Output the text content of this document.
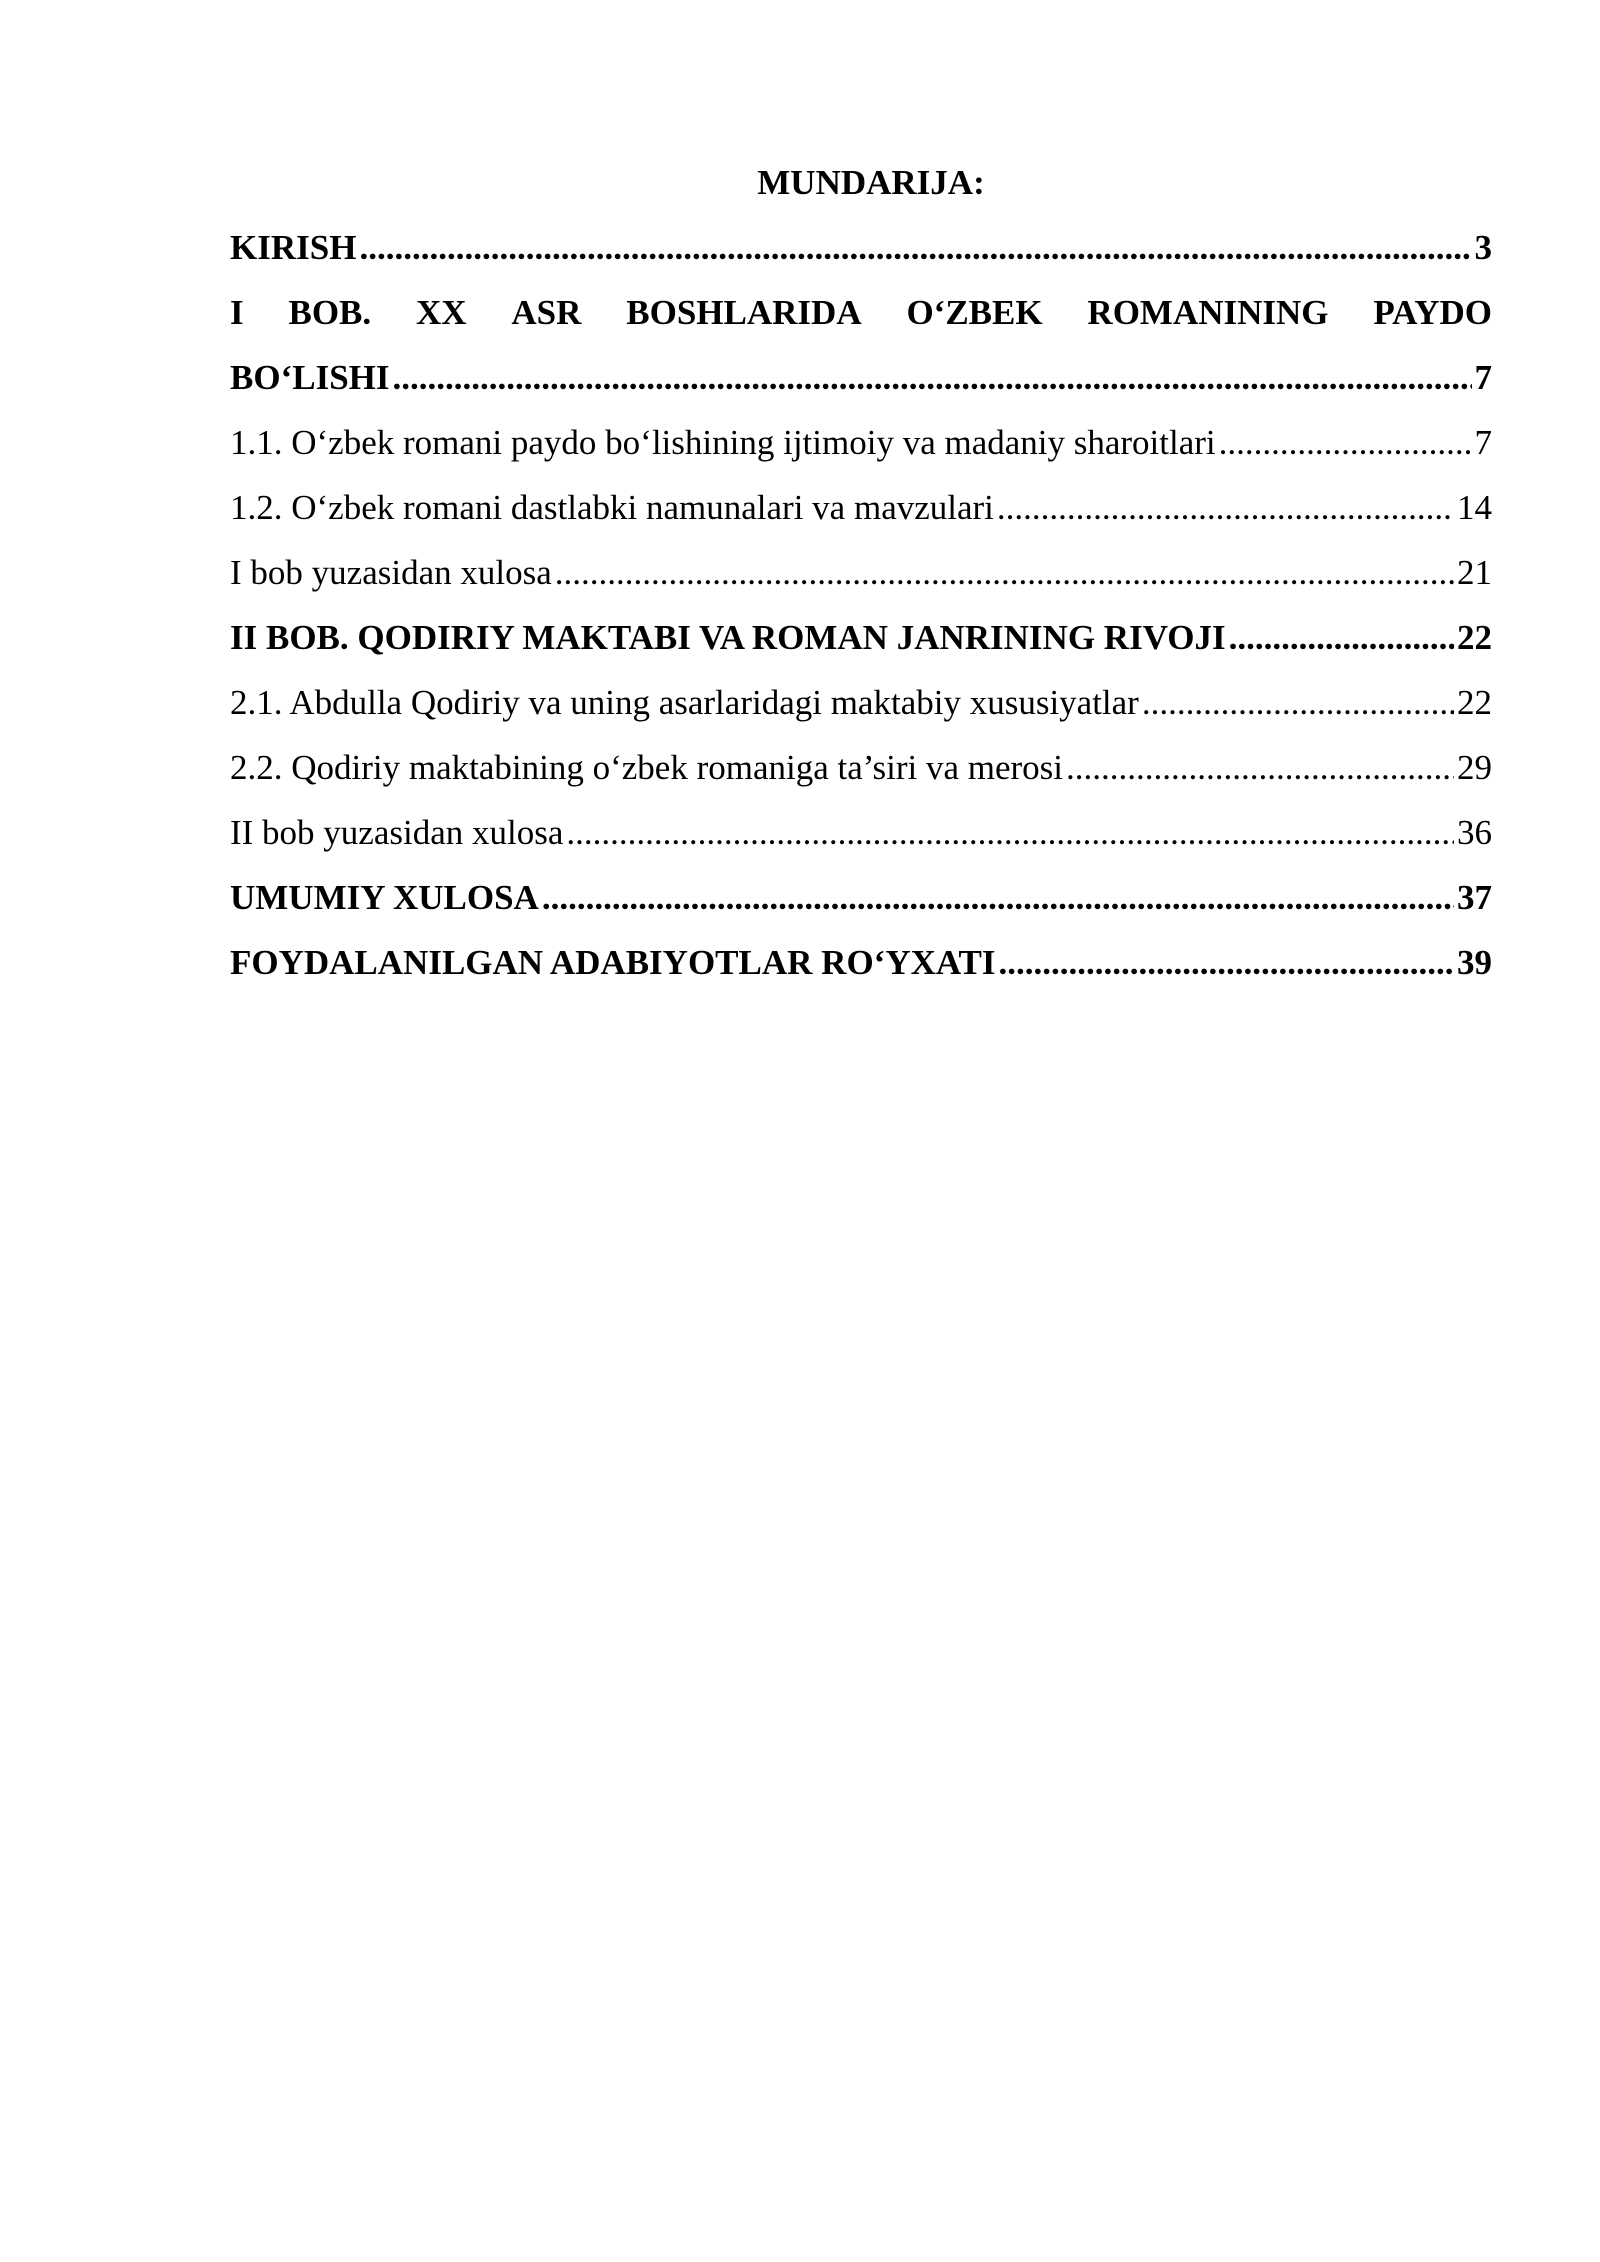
MUNDARIJA:
KIRISH .....	3
I BOB. XX ASR BOSHLARIDA O‘ZBEK ROMANINING PAYDO
BO‘LISHI .....	7
1.1. O‘zbek romani paydo bo‘lishining ijtimoiy va madaniy sharoitlari .....	7
1.2. O‘zbek romani dastlabki namunalari va mavzulari .....	14
I bob yuzasidan xulosa .....	21
II BOB. QODIRIY MAKTABI VA ROMAN JANRINING RIVOJI .....	22
2.1. Abdulla Qodiriy va uning asarlaridagi maktabiy xususiyatlar .....	22
2.2. Qodiriy maktabining o‘zbek romaniga ta’siri va merosi .....	29
II bob yuzasidan xulosa .....	36
UMUMIY XULOSA .....	37
FOYDALANILGAN ADABIYOTLAR RO‘YXATI .....	39
